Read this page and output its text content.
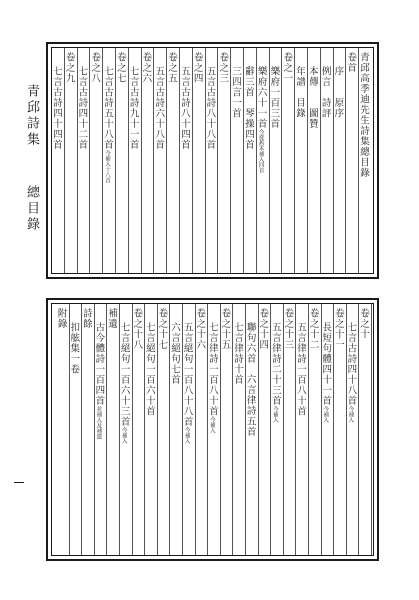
青邱詩集
總目錄
青邱高季迪先生詩集總目錄
卷首
序　　原序
例言　詩評
本傳　　圖贊
年譜　目錄
卷之一
樂府一百三首
樂府六十一首今從舊本補入四首
辭三首琴操四首
三四言一首
卷之三
五言古詩八十八首
卷之四
五言古詩八十四首
卷之五
五言古詩六十八首
卷之六
七言古詩九十一首
卷之七
七言古詩五十八首今補入十八首
卷之八
七言古詩四十二首
卷之九
七言古詩四十四首
卷之十
七言古詩四十八首今補入
卷之十一
長短句體四十一首今補入
卷之十二
五言律詩一百八十首
卷之十三
五言律詩二十三首今補入
卷之十四
聯句六首六言律詩五首
七言律詩十首
卷之十五
七言律詩一百八十首今補入
卷之十六
五言絕句一百八十八首今補入
六言絕句七首
卷之十七
七言絕句一百六十首
卷之十八
七言絕句一百六十三首今補入
補遺
古今體詩一百四首並補入及補遺
詩餘
扣舷集一卷
附錄
